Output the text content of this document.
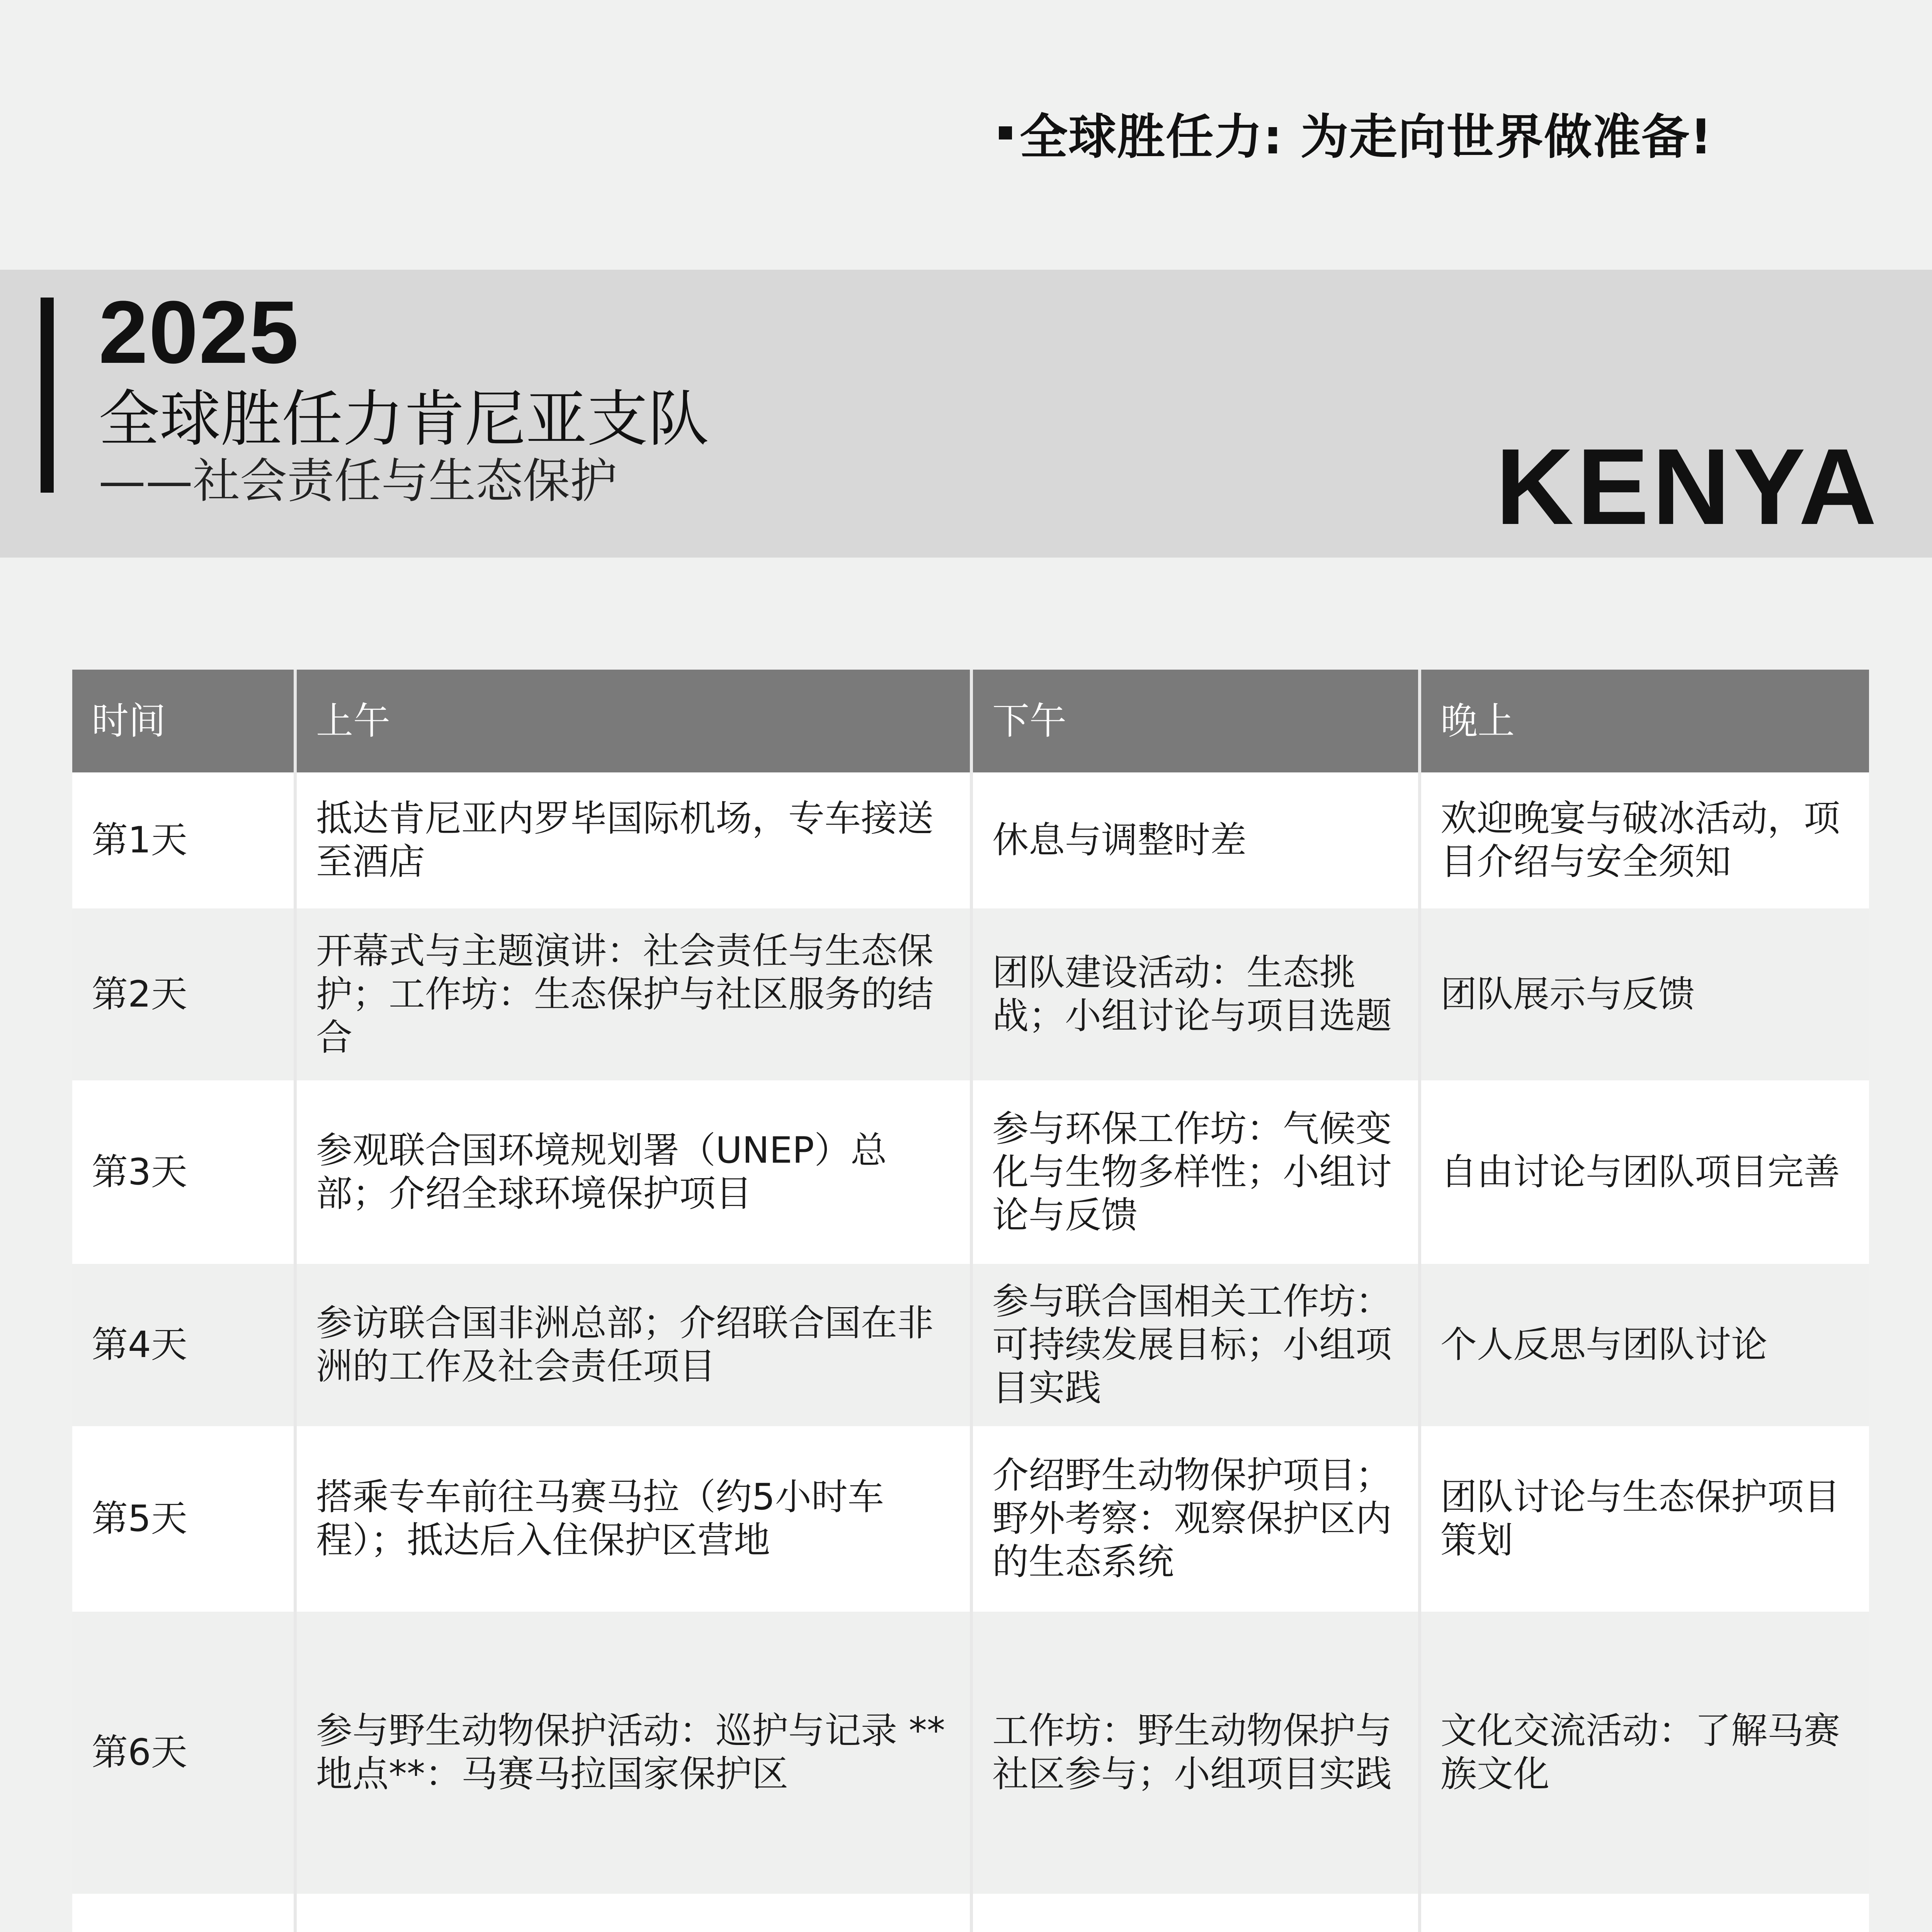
全球胜任力: 为走向世界做准备!
2025
全球胜任力肯尼亚支队
——社会责任与生态保护	KENYA
时间	上午	下午	晚上
第1天	抵达肯尼亚内罗毕国际机场，专车接送至酒店	休息与调整时差	欢迎晚宴与破冰活动，项目介绍与安全须知
第2天	开幕式与主题演讲：社会责任与生态保护；工作坊：生态保护与社区服务的结合	团队建设活动：生态挑战；小组讨论与项目选题	团队展示与反馈
第3天	参观联合国环境规划署（UNEP）总部；介绍全球环境保护项目	参与环保工作坊：气候变化与生物多样性；小组讨论与反馈	自由讨论与团队项目完善
第4天	参访联合国非洲总部；介绍联合国在非洲的工作及社会责任项目	参与联合国相关工作坊：可持续发展目标；小组项目实践	个人反思与团队讨论
第5天	搭乘专车前往马赛马拉（约5小时车程）；抵达后入住保护区营地	介绍野生动物保护项目；野外考察：观察保护区内的生态系统	团队讨论与生态保护项目策划
第6天	参与野生动物保护活动：巡护与记录 **地点**：马赛马拉国家保护区	工作坊：野生动物保护与社区参与；小组项目实践	文化交流活动：了解马赛族文化
